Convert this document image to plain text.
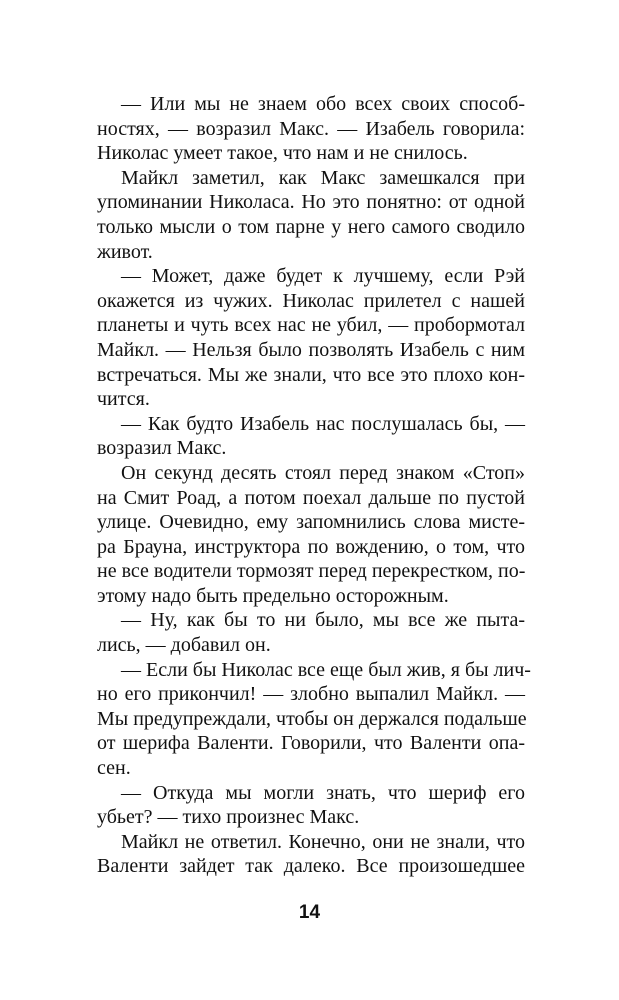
— Или мы не знаем обо всех своих способ-
ностях, — возразил Макс. — Изабель говорила:
Николас умеет такое, что нам и не снилось.
Майкл заметил, как Макс замешкался при
упоминании Николаса. Но это понятно: от одной
только мысли о том парне у него самого сводило
живот.
— Может, даже будет к лучшему, если Рэй
окажется из чужих. Николас прилетел с нашей
планеты и чуть всех нас не убил, — пробормотал
Майкл. — Нельзя было позволять Изабель с ним
встречаться. Мы же знали, что все это плохо кон-
чится.
— Как будто Изабель нас послушалась бы, —
возразил Макс.
Он секунд десять стоял перед знаком «Стоп»
на Смит Роад, а потом поехал дальше по пустой
улице. Очевидно, ему запомнились слова мисте-
ра Брауна, инструктора по вождению, о том, что
не все водители тормозят перед перекрестком, по-
этому надо быть предельно осторожным.
— Ну, как бы то ни было, мы все же пыта-
лись, — добавил он.
— Если бы Николас все еще был жив, я бы лич-
но его прикончил! — злобно выпалил Майкл. —
Мы предупреждали, чтобы он держался подальше
от шерифа Валенти. Говорили, что Валенти опа-
сен.
— Откуда мы могли знать, что шериф его
убьет? — тихо произнес Макс.
Майкл не ответил. Конечно, они не знали, что
Валенти зайдет так далеко. Все произошедшее
14
